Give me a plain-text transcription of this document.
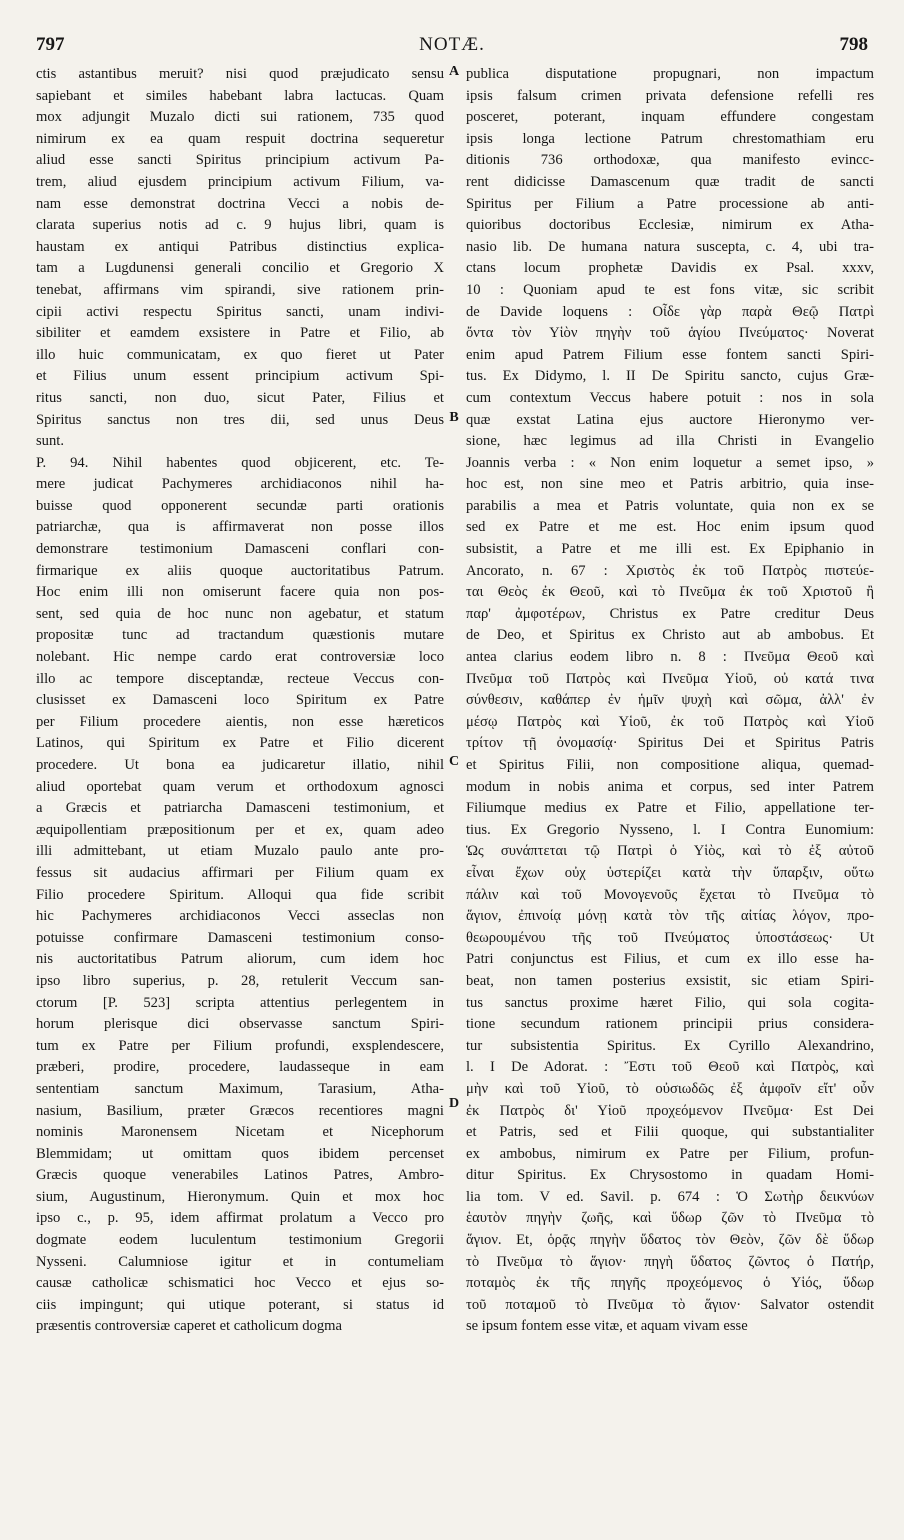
797	NOTÆ.	798
A
B
C
D
ctis astantibus meruit? nisi quod præjudicato sensu
sapiebant et similes habebant labra lactucas. Quam
mox adjungit Muzalo dicti sui rationem, 735 quod
nimirum ex ea quam respuit doctrina sequeretur
aliud esse sancti Spiritus principium activum Pa-
trem, aliud ejusdem principium activum Filium, va-
nam esse demonstrat doctrina Vecci a nobis de-
clarata superius notis ad c. 9 hujus libri, quam is
haustam ex antiqui Patribus distinctius explica-
tam a Lugdunensi generali concilio et Gregorio X
tenebat, affirmans vim spirandi, sive rationem prin-
cipii activi respectu Spiritus sancti, unam indivi-
sibiliter et eamdem exsistere in Patre et Filio, ab
illo huic communicatam, ex quo fieret ut Pater
et Filius unum essent principium activum Spi-
ritus sancti, non duo, sicut Pater, Filius et
Spiritus sanctus non tres dii, sed unus Deus
sunt.
P. 94. Nihil habentes quod objicerent, etc. Te-
mere judicat Pachymeres archidiaconos nihil ha-
buisse quod opponerent secundæ parti orationis
patriarchæ, qua is affirmaverat non posse illos
demonstrare testimonium Damasceni conflari con-
firmarique ex aliis quoque auctoritatibus Patrum.
Hoc enim illi non omiserunt facere quia non pos-
sent, sed quia de hoc nunc non agebatur, et statum
propositæ tunc ad tractandum quæstionis mutare
nolebant. Hic nempe cardo erat controversiæ loco
illo ac tempore disceptandæ, recteue Veccus con-
clusisset ex Damasceni loco Spiritum ex Patre
per Filium procedere aientis, non esse hæreticos
Latinos, qui Spiritum ex Patre et Filio dicerent
procedere. Ut bona ea judicaretur illatio, nihil
aliud oportebat quam verum et orthodoxum agnosci
a Græcis et patriarcha Damasceni testimonium, et
æquipollentiam præpositionum per et ex, quam adeo
illi admittebant, ut etiam Muzalo paulo ante pro-
fessus sit audacius affirmari per Filium quam ex
Filio procedere Spiritum. Alloqui qua fide scribit
hic Pachymeres archidiaconos Vecci asseclas non
potuisse confirmare Damasceni testimonium conso-
nis auctoritatibus Patrum aliorum, cum idem hoc
ipso libro superius, p. 28, retulerit Veccum san-
ctorum [P. 523] scripta attentius perlegentem in
horum plerisque dici observasse sanctum Spiri-
tum ex Patre per Filium profundi, exsplendescere,
præberi, prodire, procedere, laudasseque in eam
sententiam sanctum Maximum, Tarasium, Atha-
nasium, Basilium, præter Græcos recentiores magni
nominis Maronensem Nicetam et Nicephorum
Blemmidam; ut omittam quos ibidem percenset
Græcis quoque venerabiles Latinos Patres, Ambro-
sium, Augustinum, Hieronymum. Quin et mox hoc
ipso c., p. 95, idem affirmat prolatum a Vecco pro
dogmate eodem luculentum testimonium Gregorii
Nysseni. Calumniose igitur et in contumeliam
causæ catholicæ schismatici hoc Vecco et ejus so-
ciis impingunt; qui utique poterant, si status id
præsentis controversiæ caperet et catholicum dogma
publica disputatione propugnari, non impactum
ipsis falsum crimen privata defensione refelli res
posceret, poterant, inquam effundere congestam
ipsis longa lectione Patrum chrestomathiam eru
ditionis 736 orthodoxæ, qua manifesto evincc-
rent didicisse Damascenum quæ tradit de sancti
Spiritus per Filium a Patre processione ab anti-
quioribus doctoribus Ecclesiæ, nimirum ex Atha-
nasio lib. De humana natura suscepta, c. 4, ubi tra-
ctans locum prophetæ Davidis ex Psal. xxxv,
10 : Quoniam apud te est fons vitæ, sic scribit
de Davide loquens : Οἶδε γὰρ παρὰ Θεῷ Πατρὶ
ὄντα τὸν Υἱὸν πηγὴν τοῦ ἁγίου Πνεύματος· Noverat
enim apud Patrem Filium esse fontem sancti Spiri-
tus. Ex Didymo, l. II De Spiritu sancto, cujus Græ-
cum contextum Veccus habere potuit : nos in sola
quæ exstat Latina ejus auctore Hieronymo ver-
sione, hæc legimus ad illa Christi in Evangelio
Joannis verba : « Non enim loquetur a semet ipso, »
hoc est, non sine meo et Patris arbitrio, quia inse-
parabilis a mea et Patris voluntate, quia non ex se
sed ex Patre et me est. Hoc enim ipsum quod
subsistit, a Patre et me illi est. Ex Epiphanio in
Ancorato, n. 67 : Χριστὸς ἐκ τοῦ Πατρὸς πιστεύε-
ται Θεὸς ἐκ Θεοῦ, καὶ τὸ Πνεῦμα ἐκ τοῦ Χριστοῦ ἢ
παρ' ἀμφοτέρων, Christus ex Patre creditur Deus
de Deo, et Spiritus ex Christo aut ab ambobus. Et
antea clarius eodem libro n. 8 : Πνεῦμα Θεοῦ καὶ
Πνεῦμα τοῦ Πατρὸς καὶ Πνεῦμα Υἱοῦ, οὐ κατά τινα
σύνθεσιν, καθάπερ ἐν ἡμῖν ψυχὴ καὶ σῶμα, ἀλλ' ἐν
μέσῳ Πατρὸς καὶ Υἱοῦ, ἐκ τοῦ Πατρὸς καὶ Υἱοῦ
τρίτον τῇ ὀνομασίᾳ· Spiritus Dei et Spiritus Patris
et Spiritus Filii, non compositione aliqua, quemad-
modum in nobis anima et corpus, sed inter Patrem
Filiumque medius ex Patre et Filio, appellatione ter-
tius. Ex Gregorio Nysseno, l. I Contra Eunomium:
Ὡς συνάπτεται τῷ Πατρὶ ὁ Υἱὸς, καὶ τὸ ἐξ αὐτοῦ
εἶναι ἔχων οὐχ ὑστερίζει κατὰ τὴν ὕπαρξιν, οὕτω
πάλιν καὶ τοῦ Μονογενοῦς ἔχεται τὸ Πνεῦμα τὸ
ἅγιον, ἐπινοίᾳ μόνῃ κατὰ τὸν τῆς αἰτίας λόγον, προ-
θεωρουμένου τῆς τοῦ Πνεύματος ὑποστάσεως· Ut
Patri conjunctus est Filius, et cum ex illo esse ha-
beat, non tamen posterius exsistit, sic etiam Spiri-
tus sanctus proxime hæret Filio, qui sola cogita-
tione secundum rationem principii prius considera-
tur subsistentia Spiritus. Ex Cyrillo Alexandrino,
l. I De Adorat. : Ἔστι τοῦ Θεοῦ καὶ Πατρὸς, καὶ
μὴν καὶ τοῦ Υἱοῦ, τὸ οὐσιωδῶς ἐξ ἀμφοῖν εἴτ' οὖν
ἐκ Πατρὸς δι' Υἱοῦ προχεόμενον Πνεῦμα· Est Dei
et Patris, sed et Filii quoque, qui substantialiter
ex ambobus, nimirum ex Patre per Filium, profun-
ditur Spiritus. Ex Chrysostomo in quadam Homi-
lia tom. V ed. Savil. p. 674 : Ὁ Σωτὴρ δεικνύων
ἑαυτὸν πηγὴν ζωῆς, καὶ ὕδωρ ζῶν τὸ Πνεῦμα τὸ
ἅγιον. Et, ὁρᾷς πηγὴν ὕδατος τὸν Θεὸν, ζῶν δὲ ὕδωρ
τὸ Πνεῦμα τὸ ἅγιον· πηγὴ ὕδατος ζῶντος ὁ Πατήρ,
ποταμὸς ἐκ τῆς πηγῆς προχεόμενος ὁ Υἱός, ὕδωρ
τοῦ ποταμοῦ τὸ Πνεῦμα τὸ ἅγιον· Salvator ostendit
se ipsum fontem esse vitæ, et aquam vivam esse
